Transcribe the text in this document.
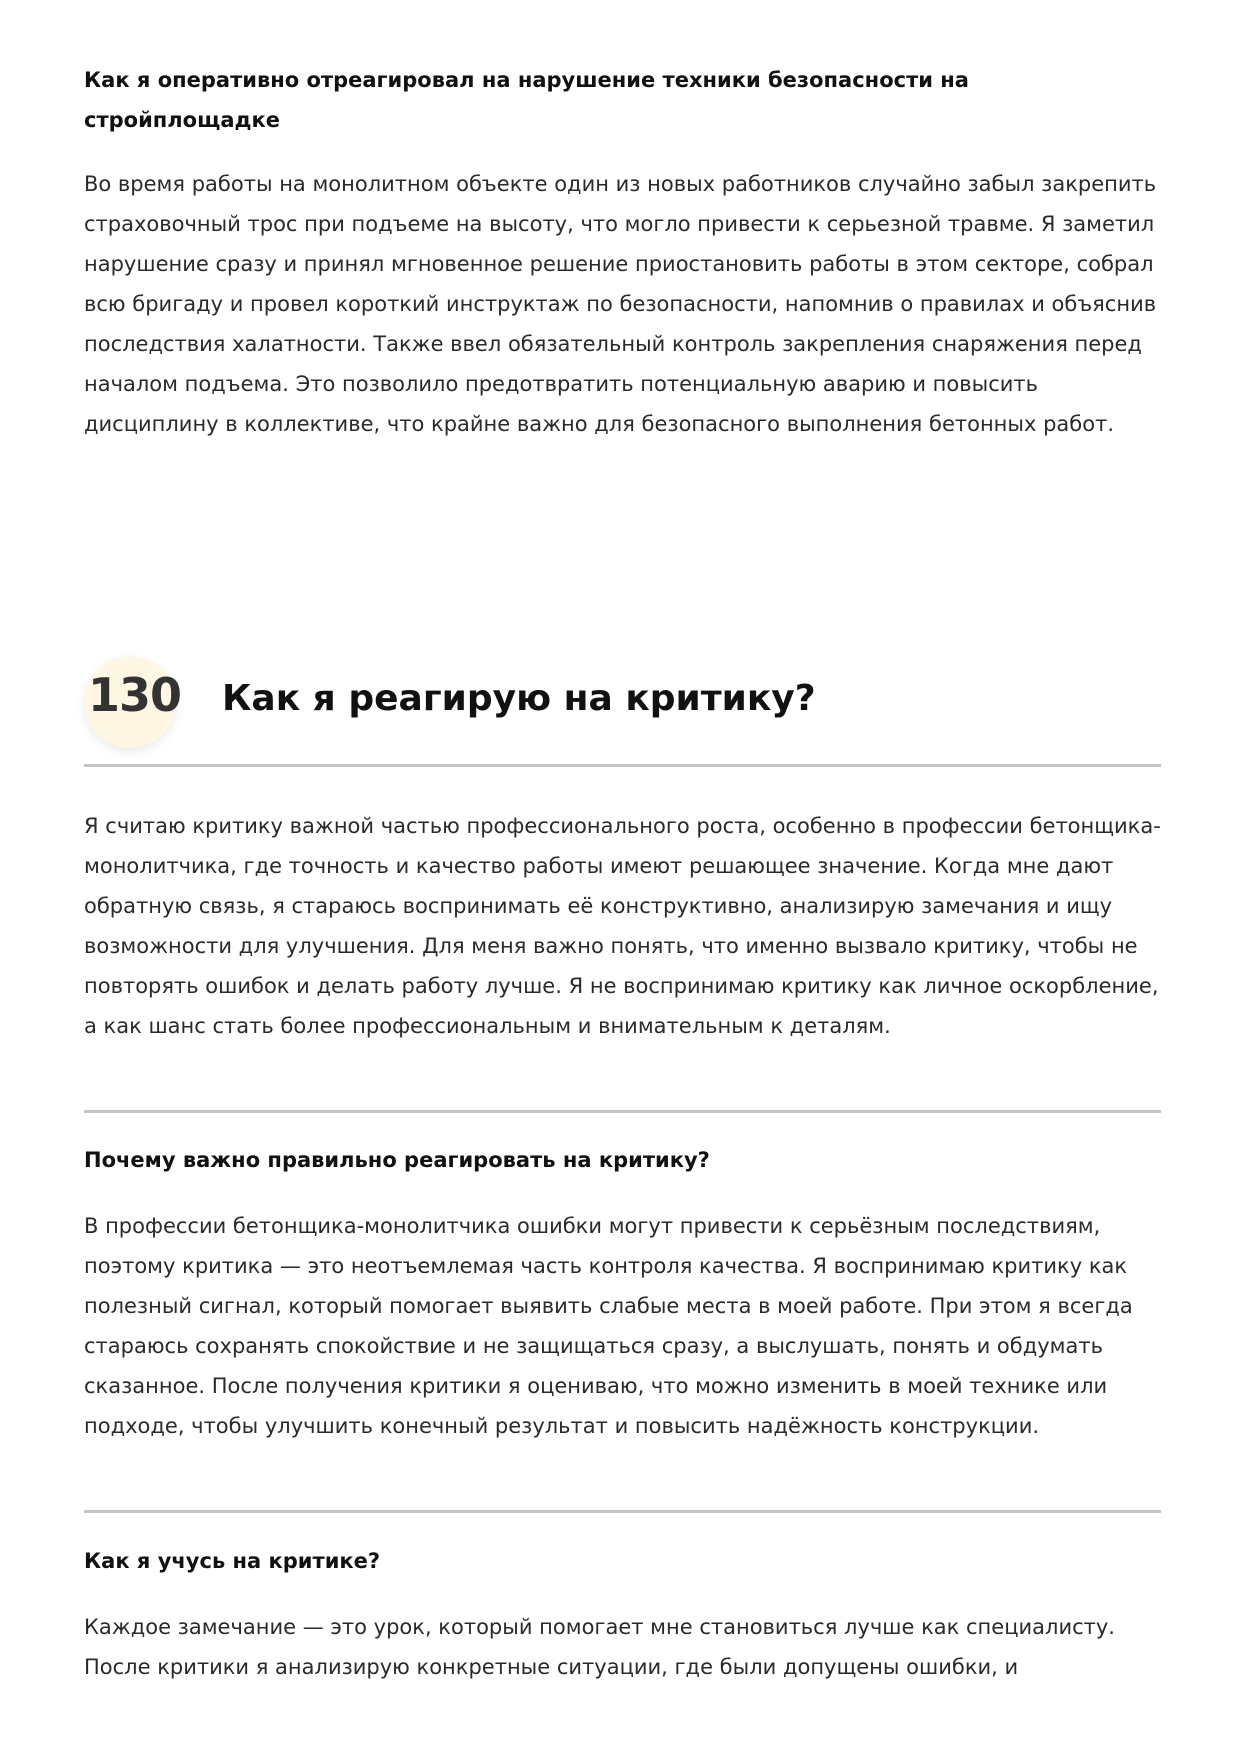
Как я оперативно отреагировал на нарушение техники безопасности на стройплощадке

Во время работы на монолитном объекте один из новых работников случайно забыл закрепить страховочный трос при подъеме на высоту, что могло привести к серьезной травме. Я заметил нарушение сразу и принял мгновенное решение приостановить работы в этом секторе, собрал всю бригаду и провел короткий инструктаж по безопасности, напомнив о правилах и объяснив последствия халатности. Также ввел обязательный контроль закрепления снаряжения перед началом подъема. Это позволило предотвратить потенциальную аварию и повысить дисциплину в коллективе, что крайне важно для безопасного выполнения бетонных работ.

130 Как я реагирую на критику?

Я считаю критику важной частью профессионального роста, особенно в профессии бетонщика-монолитчика, где точность и качество работы имеют решающее значение. Когда мне дают обратную связь, я стараюсь воспринимать её конструктивно, анализирую замечания и ищу возможности для улучшения. Для меня важно понять, что именно вызвало критику, чтобы не повторять ошибок и делать работу лучше. Я не воспринимаю критику как личное оскорбление, а как шанс стать более профессиональным и внимательным к деталям.

Почему важно правильно реагировать на критику?

В профессии бетонщика-монолитчика ошибки могут привести к серьёзным последствиям, поэтому критика — это неотъемлемая часть контроля качества. Я воспринимаю критику как полезный сигнал, который помогает выявить слабые места в моей работе. При этом я всегда стараюсь сохранять спокойствие и не защищаться сразу, а выслушать, понять и обдумать сказанное. После получения критики я оцениваю, что можно изменить в моей технике или подходе, чтобы улучшить конечный результат и повысить надёжность конструкции.

Как я учусь на критике?

Каждое замечание — это урок, который помогает мне становиться лучше как специалисту. После критики я анализирую конкретные ситуации, где были допущены ошибки, и
